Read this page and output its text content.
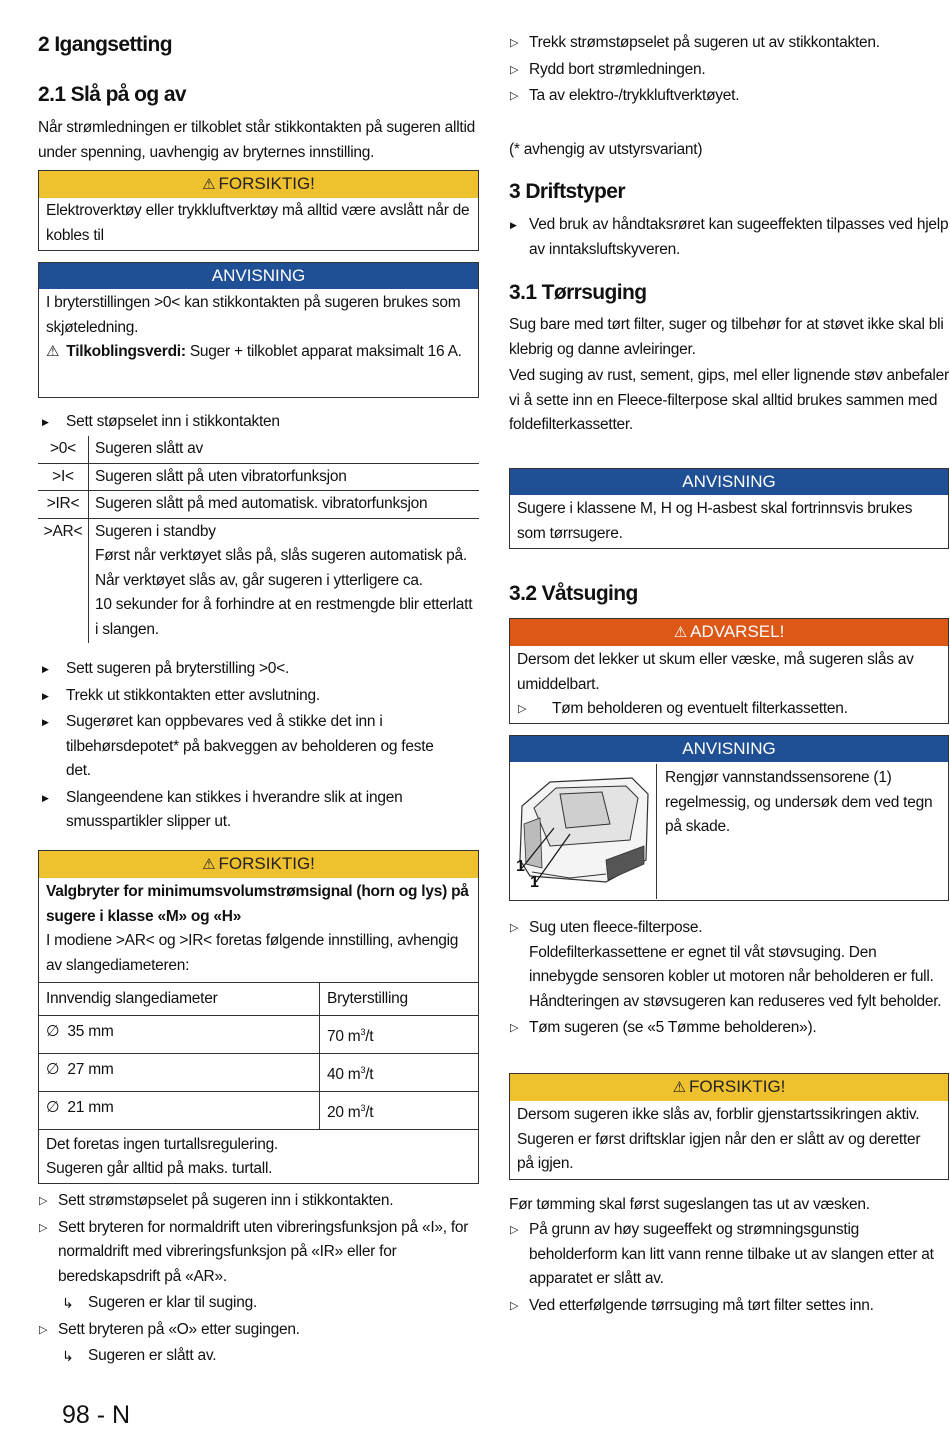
2 Igangsetting
2.1 Slå på og av

Når strømledningen er tilkoblet står stikkontakten på sugeren alltid under spenning, uavhengig av bryternes innstilling.

⚠ FORSIKTIG!
Elektroverktøy eller trykkluftverktøy må alltid være avslått når de kobles til
ANVISNING

I bryterstillingen >0< kan stikkontakten på sugeren brukes som skjøteledning.

⚠ Tilkoblingsverdi: Suger + tilkoblet apparat maksimalt 16 A.

▶ Sett støpselet inn i stikkontakten

>0<	Sugeren slått av
>I<	Sugeren slått på uten vibratorfunksjon
>IR<	Sugeren slått på med automatisk. vibratorfunksjon
>AR<	Sugeren i standby
Først når verktøyet slås på, slås sugeren automatisk på.
Når verktøyet slås av, går sugeren i ytterligere ca.
10 sekunder for å forhindre at en restmengde blir etterlatt i slangen.

▶ Sett sugeren på bryterstilling >0<.

▶ Trekk ut stikkontakten etter avslutning.

▶ Sugerøret kan oppbevares ved å stikke det inn i tilbehørsdepotet* på bakveggen av beholderen og feste det.

▶ Slangeendene kan stikkes i hverandre slik at ingen smusspartikler slipper ut.

⚠ FORSIKTIG!

Valgbryter for minimumsvolumstrømsignal (horn og lys) på sugere i klasse «M» og «H»

I modiene >AR< og >IR< foretas følgende innstilling, avhengig av slangediameteren:

Innvendig slangediameter	Bryterstilling
∅ 35 mm	70 $m^3/t$
∅ 27 mm	40 $m^3/t$
∅ 21 mm	20 $m^3/t$

Det foretas ingen turtallsregulering.
Sugeren går alltid på maks. turtall.	

▷ Sett strømstøpselet på sugeren inn i stikkontakten.

▷ Sett bryteren for normaldrift uten vibreringsfunksjon på «I», for normaldrift med vibreringsfunksjon på «IR» eller for beredskapsdrift på «AR».

↳ Sugeren er klar til suging.

▷ Sett bryteren på «O» etter sugingen.

↳ Sugeren er slått av.

▷ Trekk strømstøpselet på sugeren ut av stikkontakten.

▷ Rydd bort strømledningen.

▷ Ta av elektro-/trykkluftverktøyet.

(* avhengig av utstyrsvariant)

3 Driftstyper

▶ Ved bruk av håndtaksrøret kan sugeeffekten tilpasses ved hjelp av inntaksluftskyveren.

3.1 Tørrsuging

Sug bare med tørt filter, suger og tilbehør for at støvet ikke skal bli klebrig og danne avleiringer.

Ved suging av rust, sement, gips, mel eller lignende støv anbefaler vi å sette inn en Fleece-filterpose skal alltid brukes sammen med foldefilterkassetter.

ANVISNING
Sugere i klassene M, H og H-asbest skal fortrinnsvis brukes som tørrsugere.
3.2 Våtsuging
⚠ ADVARSEL!

Dersom det lekker ut skum eller væske, må sugeren slås av umiddelbart.

▷ Tøm beholderen og eventuelt filterkassetten.

ANVISNING
1
1

Rengjør vannstandssensorene (1) regelmessig, og undersøk dem ved tegn på skade.

▷ Sug uten fleece-filterpose.

Foldefilterkassettene er egnet til våt støvsuging. Den innebygde sensoren kobler ut motoren når beholderen er full. Håndteringen av støvsugeren kan reduseres ved fylt beholder.

▷ Tøm sugeren (se «5 Tømme beholderen»).

⚠ FORSIKTIG!
Dersom sugeren ikke slås av, forblir gjenstartssikringen aktiv. Sugeren er først driftsklar igjen når den er slått av og deretter på igjen.

Før tømming skal først sugeslangen tas ut av væsken.

▷ På grunn av høy sugeeffekt og strømningsgunstig beholderform kan litt vann renne tilbake ut av slangen etter at apparatet er slått av.

▷ Ved etterfølgende tørrsuging må tørt filter settes inn.

98 - N
